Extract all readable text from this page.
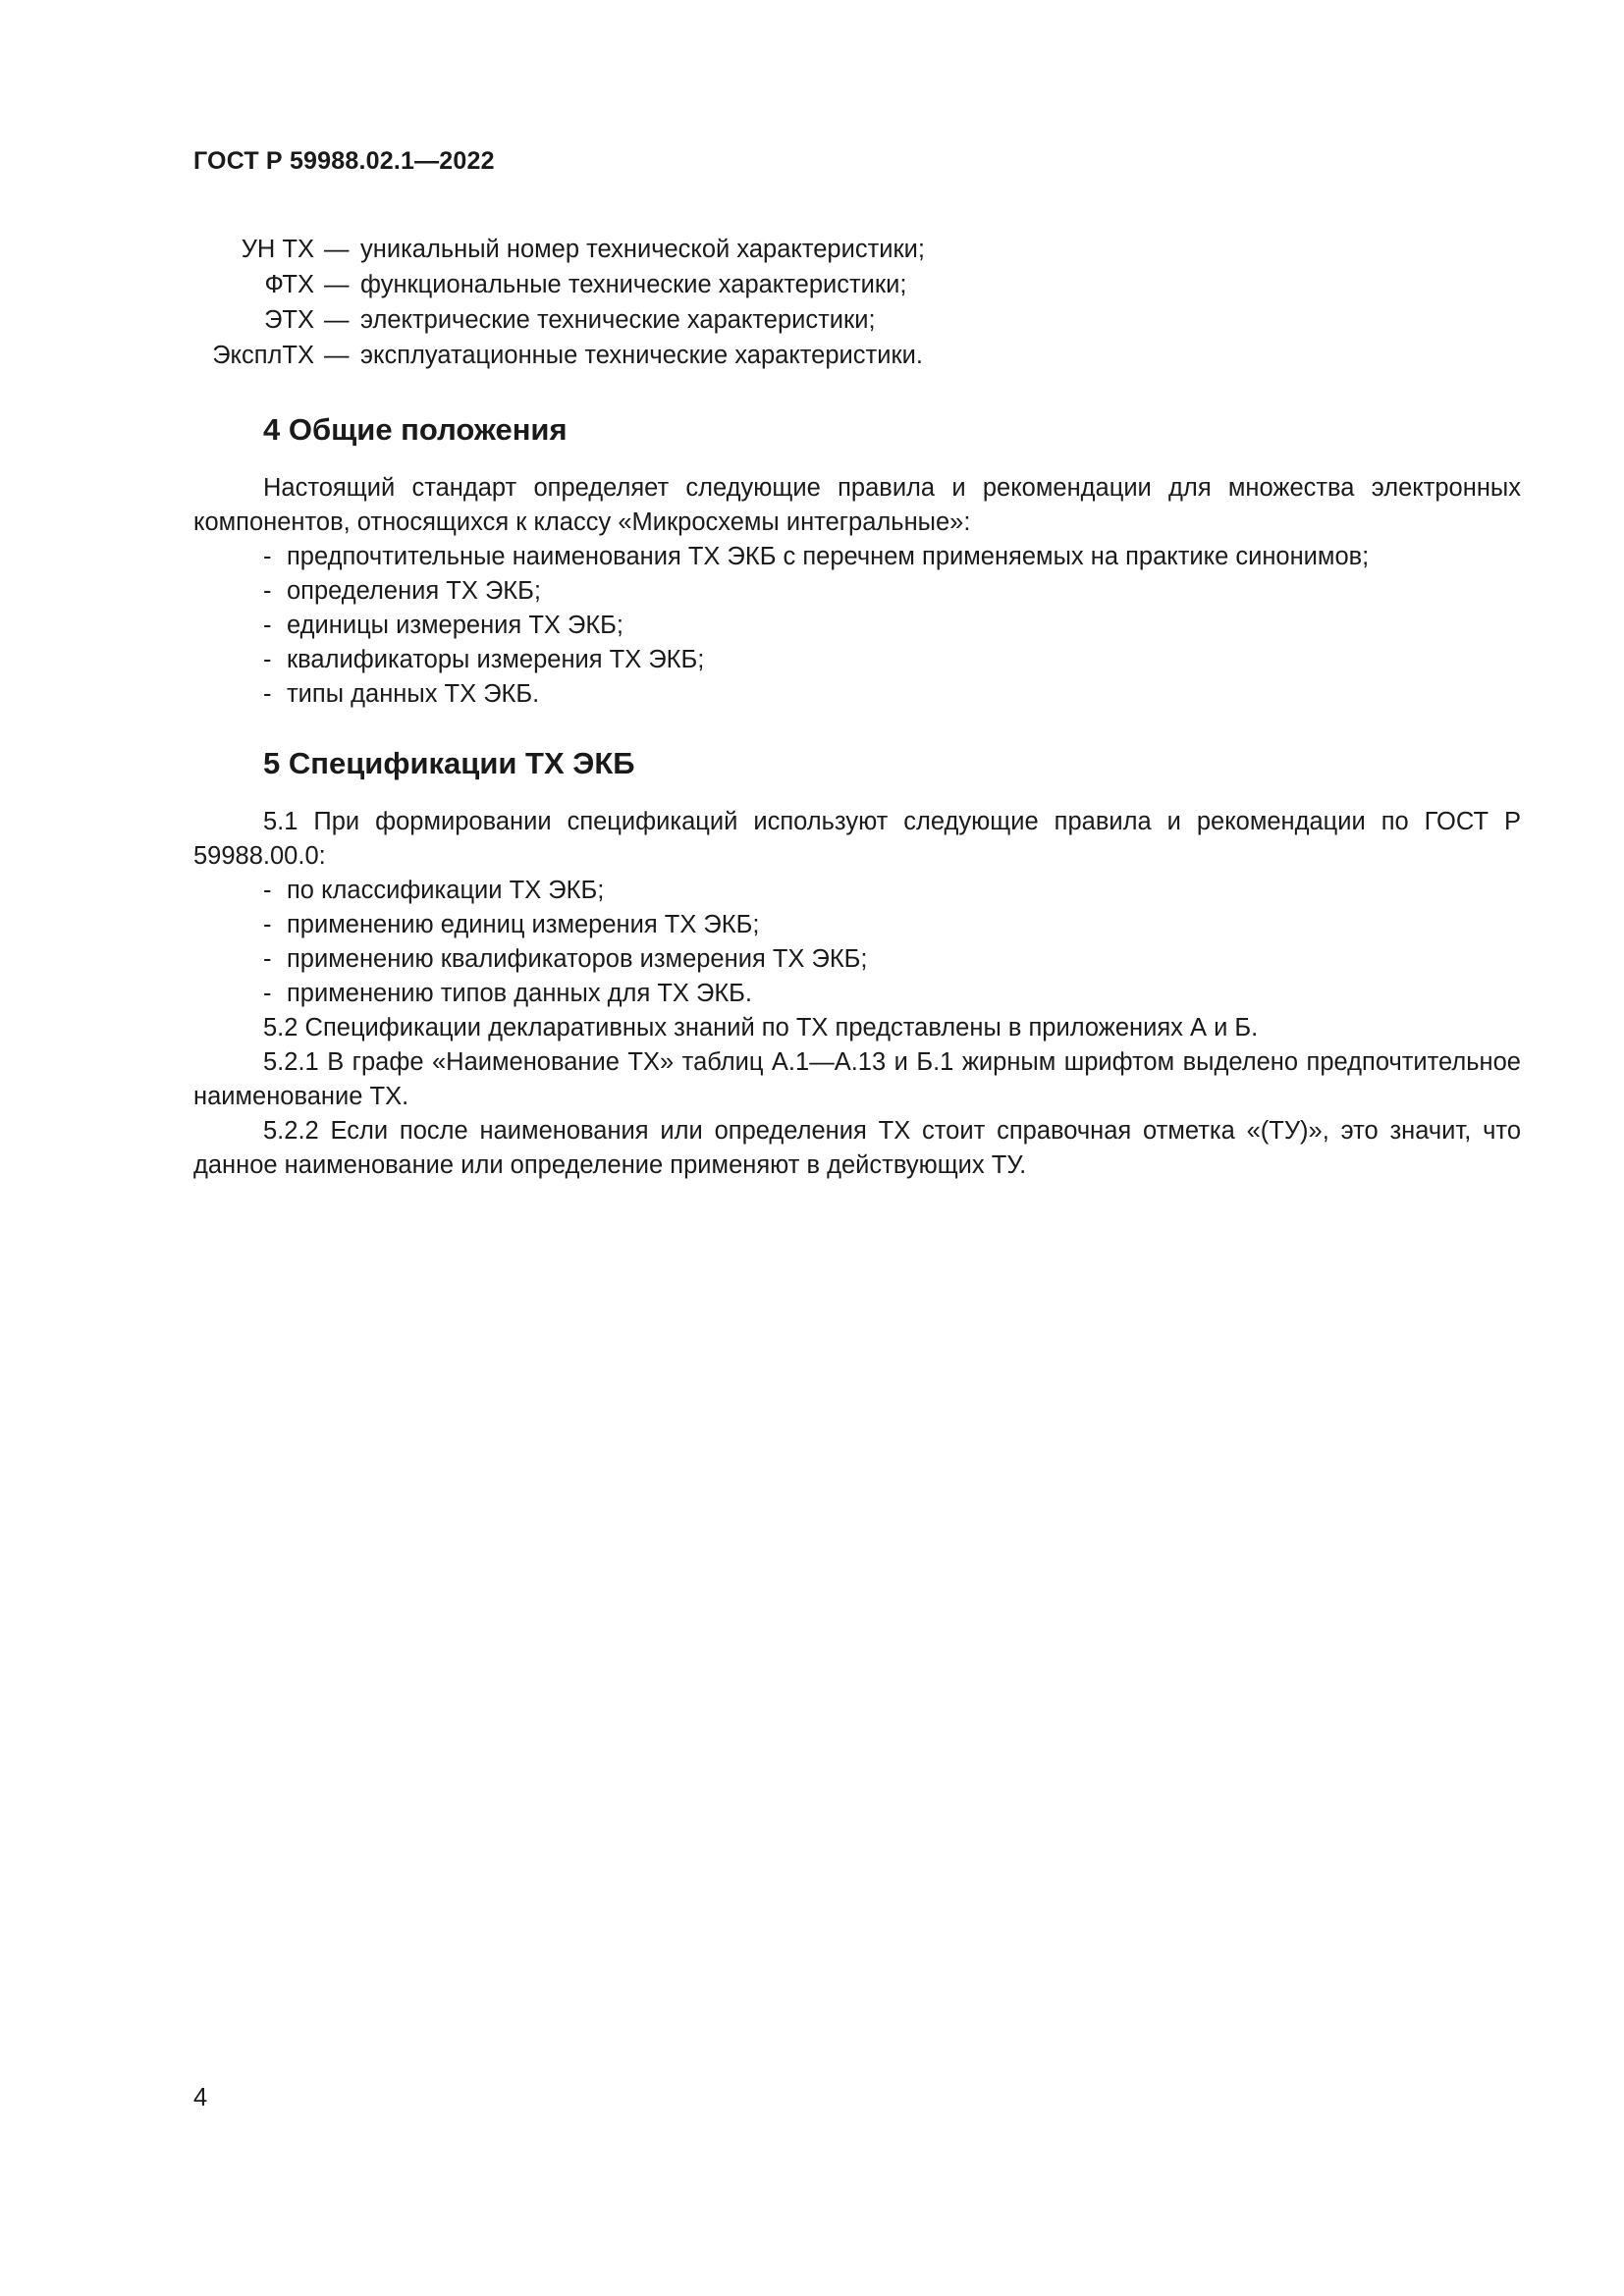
ГОСТ Р 59988.02.1—2022
УН ТХ — уникальный номер технической характеристики;
ФТХ — функциональные технические характеристики;
ЭТХ — электрические технические характеристики;
ЭксплТХ — эксплуатационные технические характеристики.
4 Общие положения

Настоящий стандарт определяет следующие правила и рекомендации для множества электронных компонентов, относящихся к классу «Микросхемы интегральные»:

- предпочтительные наименования ТХ ЭКБ с перечнем применяемых на практике синонимов;
- определения ТХ ЭКБ;
- единицы измерения ТХ ЭКБ;
- квалификаторы измерения ТХ ЭКБ;
- типы данных ТХ ЭКБ.
5 Спецификации ТХ ЭКБ

5.1 При формировании спецификаций используют следующие правила и рекомендации по ГОСТ Р 59988.00.0:

- по классификации ТХ ЭКБ;
- применению единиц измерения ТХ ЭКБ;
- применению квалификаторов измерения ТХ ЭКБ;
- применению типов данных для ТХ ЭКБ.

5.2 Спецификации декларативных знаний по ТХ представлены в приложениях А и Б.

5.2.1 В графе «Наименование ТХ» таблиц А.1—А.13 и Б.1 жирным шрифтом выделено предпочтительное наименование ТХ.

5.2.2 Если после наименования или определения ТХ стоит справочная отметка «(ТУ)», это значит, что данное наименование или определение применяют в действующих ТУ.

4
